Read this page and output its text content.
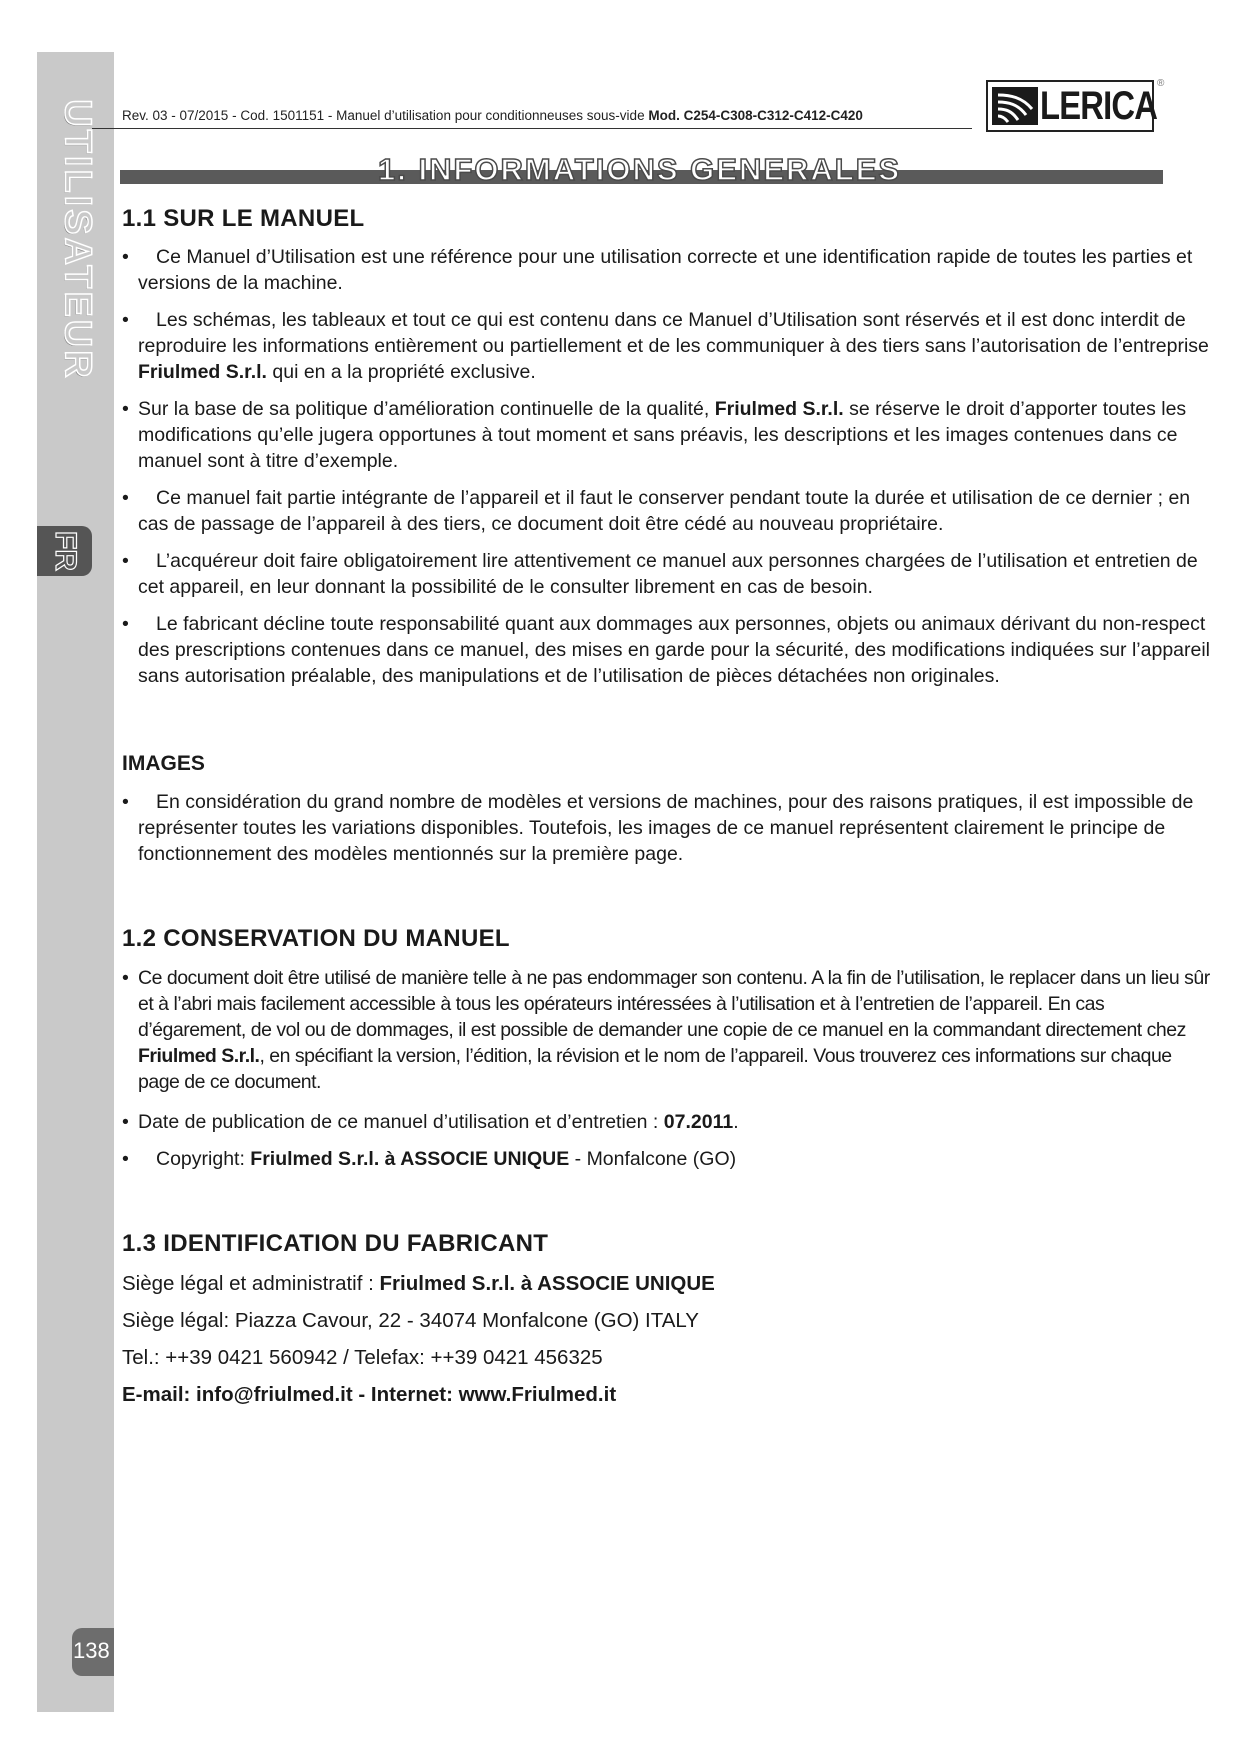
UTILISATEUR
FR
138
Rev. 03 - 07/2015 - Cod. 1501151 - Manuel d’utilisation pour conditionneuses sous-vide Mod. C254-C308-C312-C412-C420	LERICA
®
1. INFORMATIONS GENERALES
1.1 SUR LE MANUEL

•	Ce Manuel d’Utilisation est une référence pour une utilisation correcte et une identification rapide de toutes les parties et versions de la machine.

•	Les schémas, les tableaux et tout ce qui est contenu dans ce Manuel d’Utilisation sont réservés et il est donc interdit de reproduire les informations entièrement ou partiellement et de les communiquer à des tiers sans l’autorisation de l’entreprise Friulmed S.r.l. qui en a la propriété exclusive.

• Sur la base de sa politique d’amélioration continuelle de la qualité, Friulmed S.r.l. se réserve le droit d’apporter toutes les modifications qu’elle jugera opportunes à tout moment et sans préavis, les descriptions et les images contenues dans ce manuel sont à titre d’exemple.

•	Ce manuel fait partie intégrante de l’appareil et il faut le conserver pendant toute la durée et utilisation de ce dernier ; en cas de passage de l’appareil à des tiers, ce document doit être cédé au nouveau propriétaire.

•	L’acquéreur doit faire obligatoirement lire attentivement ce manuel aux personnes chargées de l’utilisation et entretien de cet appareil, en leur donnant la possibilité de le consulter librement en cas de besoin.

•	Le fabricant décline toute responsabilité quant aux dommages aux personnes, objets ou animaux dérivant du non-respect des prescriptions contenues dans ce manuel, des mises en garde pour la sécurité, des modifications indiquées sur l’appareil sans autorisation préalable, des manipulations et de l’utilisation de pièces détachées non originales.

IMAGES

•	En considération du grand nombre de modèles et versions de machines, pour des raisons pratiques, il est impossible de représenter toutes les variations disponibles. Toutefois, les images de ce manuel représentent clairement le principe de fonctionnement des modèles mentionnés sur la première page.

1.2 CONSERVATION DU MANUEL

• Ce document doit être utilisé de manière telle à ne pas endommager son contenu. A la fin de l’utilisation, le replacer dans un lieu sûr et à l’abri mais facilement accessible à tous les opérateurs intéressées à l’utilisation et à l’entretien de l’appareil. En cas d’égarement, de vol ou de dommages, il est possible de demander une copie de ce manuel en la commandant directement chez Friulmed S.r.l., en spécifiant la version, l’édition, la révision et le nom de l’appareil. Vous trouverez ces informations sur chaque page de ce document.

• Date de publication de ce manuel d’utilisation et d’entretien : 07.2011.

•	Copyright: Friulmed S.r.l. à ASSOCIE UNIQUE - Monfalcone (GO)

1.3 IDENTIFICATION DU FABRICANT

Siège légal et administratif : Friulmed S.r.l. à ASSOCIE UNIQUE

Siège légal: Piazza Cavour, 22 - 34074 Monfalcone (GO) ITALY

Tel.: ++39 0421 560942 / Telefax: ++39 0421 456325

E-mail: info@friulmed.it - Internet: www.Friulmed.it
